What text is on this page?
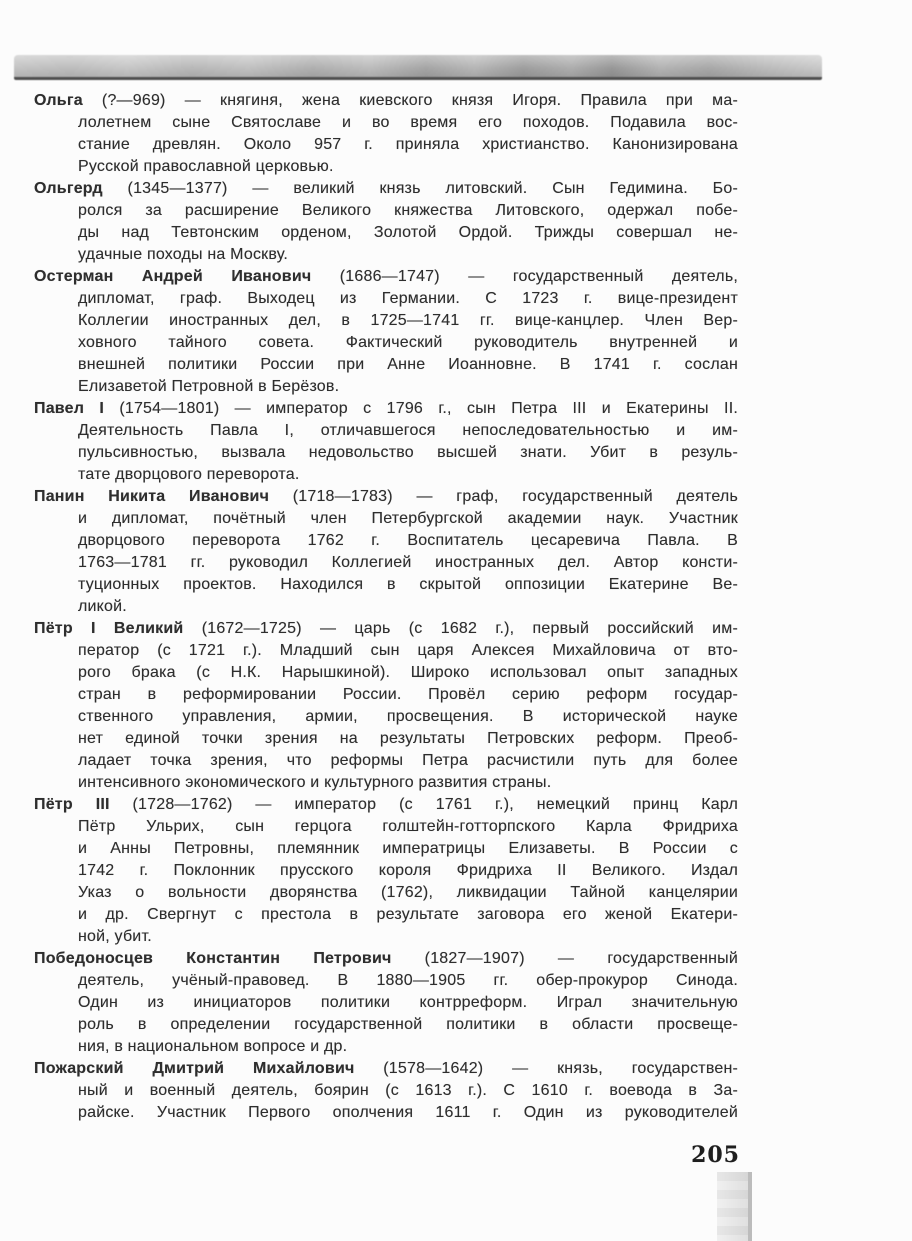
Ольга (?—969) — княгиня, жена киевского князя Игоря. Правила при ма-
лолетнем сыне Святославе и во время его походов. Подавила вос-
стание древлян. Около 957 г. приняла христианство. Канонизирована
Русской православной церковью.
Ольгерд (1345—1377) — великий князь литовский. Сын Гедимина. Бо-
ролся за расширение Великого княжества Литовского, одержал побе-
ды над Тевтонским орденом, Золотой Ордой. Трижды совершал не-
удачные походы на Москву.
Остерман Андрей Иванович (1686—1747) — государственный деятель,
дипломат, граф. Выходец из Германии. С 1723 г. вице-президент
Коллегии иностранных дел, в 1725—1741 гг. вице-канцлер. Член Вер-
ховного тайного совета. Фактический руководитель внутренней и
внешней политики России при Анне Иоанновне. В 1741 г. сослан
Елизаветой Петровной в Берёзов.
Павел I (1754—1801) — император с 1796 г., сын Петра III и Екатерины II.
Деятельность Павла I, отличавшегося непоследовательностью и им-
пульсивностью, вызвала недовольство высшей знати. Убит в резуль-
тате дворцового переворота.
Панин Никита Иванович (1718—1783) — граф, государственный деятель
и дипломат, почётный член Петербургской академии наук. Участник
дворцового переворота 1762 г. Воспитатель цесаревича Павла. В
1763—1781 гг. руководил Коллегией иностранных дел. Автор консти-
туционных проектов. Находился в скрытой оппозиции Екатерине Ве-
ликой.
Пётр I Великий (1672—1725) — царь (с 1682 г.), первый российский им-
ператор (с 1721 г.). Младший сын царя Алексея Михайловича от вто-
рого брака (с Н.К. Нарышкиной). Широко использовал опыт западных
стран в реформировании России. Провёл серию реформ государ-
ственного управления, армии, просвещения. В исторической науке
нет единой точки зрения на результаты Петровских реформ. Преоб-
ладает точка зрения, что реформы Петра расчистили путь для более
интенсивного экономического и культурного развития страны.
Пётр III (1728—1762) — император (с 1761 г.), немецкий принц Карл
Пётр Ульрих, сын герцога голштейн-готторпского Карла Фридриха
и Анны Петровны, племянник императрицы Елизаветы. В России с
1742 г. Поклонник прусского короля Фридриха II Великого. Издал
Указ о вольности дворянства (1762), ликвидации Тайной канцелярии
и др. Свергнут с престола в результате заговора его женой Екатери-
ной, убит.
Победоносцев Константин Петрович (1827—1907) — государственный
деятель, учёный-правовед. В 1880—1905 гг. обер-прокурор Синода.
Один из инициаторов политики контрреформ. Играл значительную
роль в определении государственной политики в области просвеще-
ния, в национальном вопросе и др.
Пожарский Дмитрий Михайлович (1578—1642) — князь, государствен-
ный и военный деятель, боярин (с 1613 г.). С 1610 г. воевода в За-
райске. Участник Первого ополчения 1611 г. Один из руководителей
205
